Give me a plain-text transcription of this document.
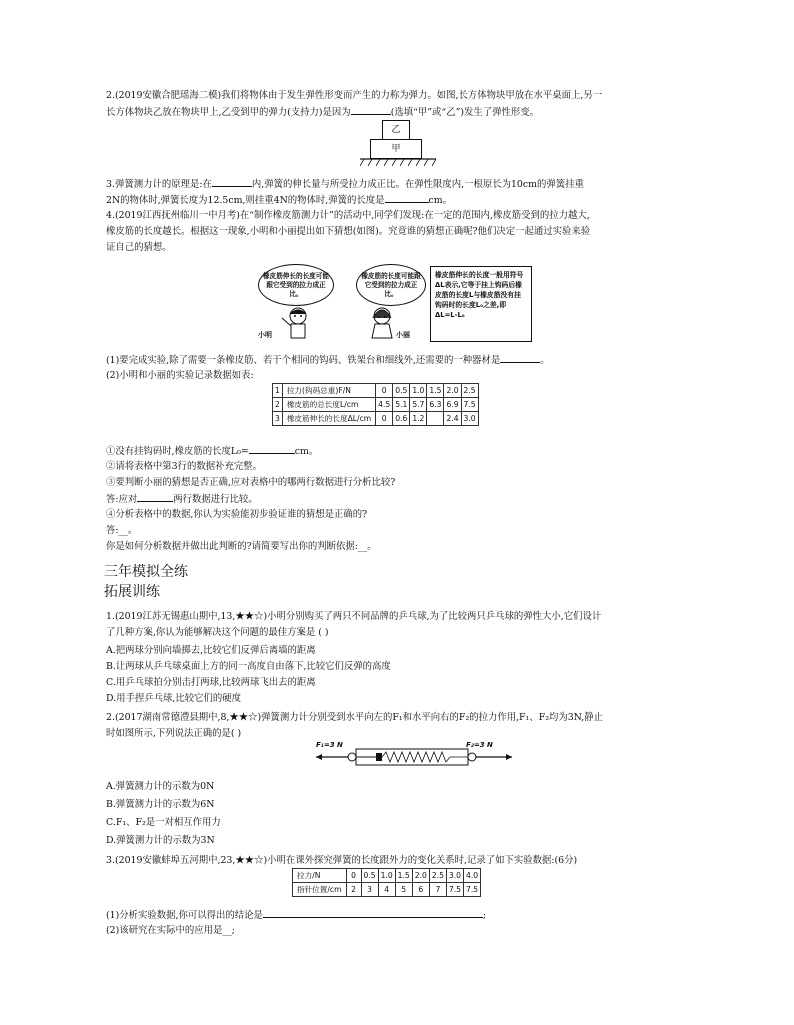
2.(2019安徽合肥瑶海二模)我们将物体由于发生弹性形变而产生的力称为弹力。如图,长方体物块甲放在水平桌面上,另一
长方体物块乙放在物块甲上,乙受到甲的弹力(支持力)是因为	(选填“甲”或“乙”)发生了弹性形变。
乙
甲
3.弹簧测力计的原理是:在	内,弹簧的伸长量与所受拉力成正比。在弹性限度内,一根原长为10cm的弹簧挂重
2N的物体时,弹簧长度为12.5cm,则挂重4N的物体时,弹簧的长度是	cm。
4.(2019江西抚州临川一中月考)在“制作橡皮筋测力计”的活动中,同学们发现:在一定的范围内,橡皮筋受到的拉力越大,
橡皮筋的长度越长。根据这一现象,小明和小丽提出如下猜想(如图)。究竟谁的猜想正确呢?他们决定一起通过实验来验
证自己的猜想。
橡皮筋伸长的长度可能跟它受到的拉力成正比。
橡皮筋的长度可能跟它受到的拉力成正比。
橡皮筋伸长的长度一般用符号ΔL表示,它等于挂上钩码后橡皮筋的长度L与橡皮筋没有挂钩码时的长度L₀之差,即ΔL=L-L₀
小明	小丽
(1)要完成实验,除了需要一条橡皮筋、若干个相同的钩码、铁架台和细线外,还需要的一种器材是	。
(2)小明和小丽的实验记录数据如表:
1	拉力(钩码总重)F/N	0	0.5	1.0	1.5	2.0	2.5
2	橡皮筋的总长度L/cm	4.5	5.1	5.7	6.3	6.9	7.5
3	橡皮筋伸长的长度ΔL/cm	0	0.6	1.2		2.4	3.0
①没有挂钩码时,橡皮筋的长度L₀=	cm。
②请将表格中第3行的数据补充完整。
③要判断小丽的猜想是否正确,应对表格中的哪两行数据进行分析比较?
答:应对	两行数据进行比较。
④分析表格中的数据,你认为实验能初步验证谁的猜想是正确的?
答:__。
你是如何分析数据并做出此判断的?请简要写出你的判断依据:__。
三年模拟全练
拓展训练
1.(2019江苏无锡惠山期中,13,★★☆)小明分别购买了两只不同品牌的乒乓球,为了比较两只乒乓球的弹性大小,它们设计
了几种方案,你认为能够解决这个问题的最佳方案是 ( )
A.把两球分别向墙掷去,比较它们反弹后离墙的距离
B.让两球从乒乓球桌面上方的同一高度自由落下,比较它们反弹的高度
C.用乒乓球拍分别击打两球,比较两球飞出去的距离
D.用手捏乒乓球,比较它们的硬度
2.(2017湖南常德澧县期中,8,★★☆)弹簧测力计分别受到水平向左的F₁和水平向右的F₂的拉力作用,F₁、F₂均为3N,静止
时如图所示,下列说法正确的是( )
F₁=3 N	F₂=3 N
A.弹簧测力计的示数为0N
B.弹簧测力计的示数为6N
C.F₁、F₂是一对相互作用力
D.弹簧测力计的示数为3N
3.(2019安徽蚌埠五河期中,23,★★☆)小明在课外探究弹簧的长度跟外力的变化关系时,记录了如下实验数据:(6分)
拉力/N	0	0.5	1.0	1.5	2.0	2.5	3.0	4.0
指针位置/cm	2	3	4	5	6	7	7.5	7.5
(1)分析实验数据,你可以得出的结论是	;
(2)该研究在实际中的应用是__;
